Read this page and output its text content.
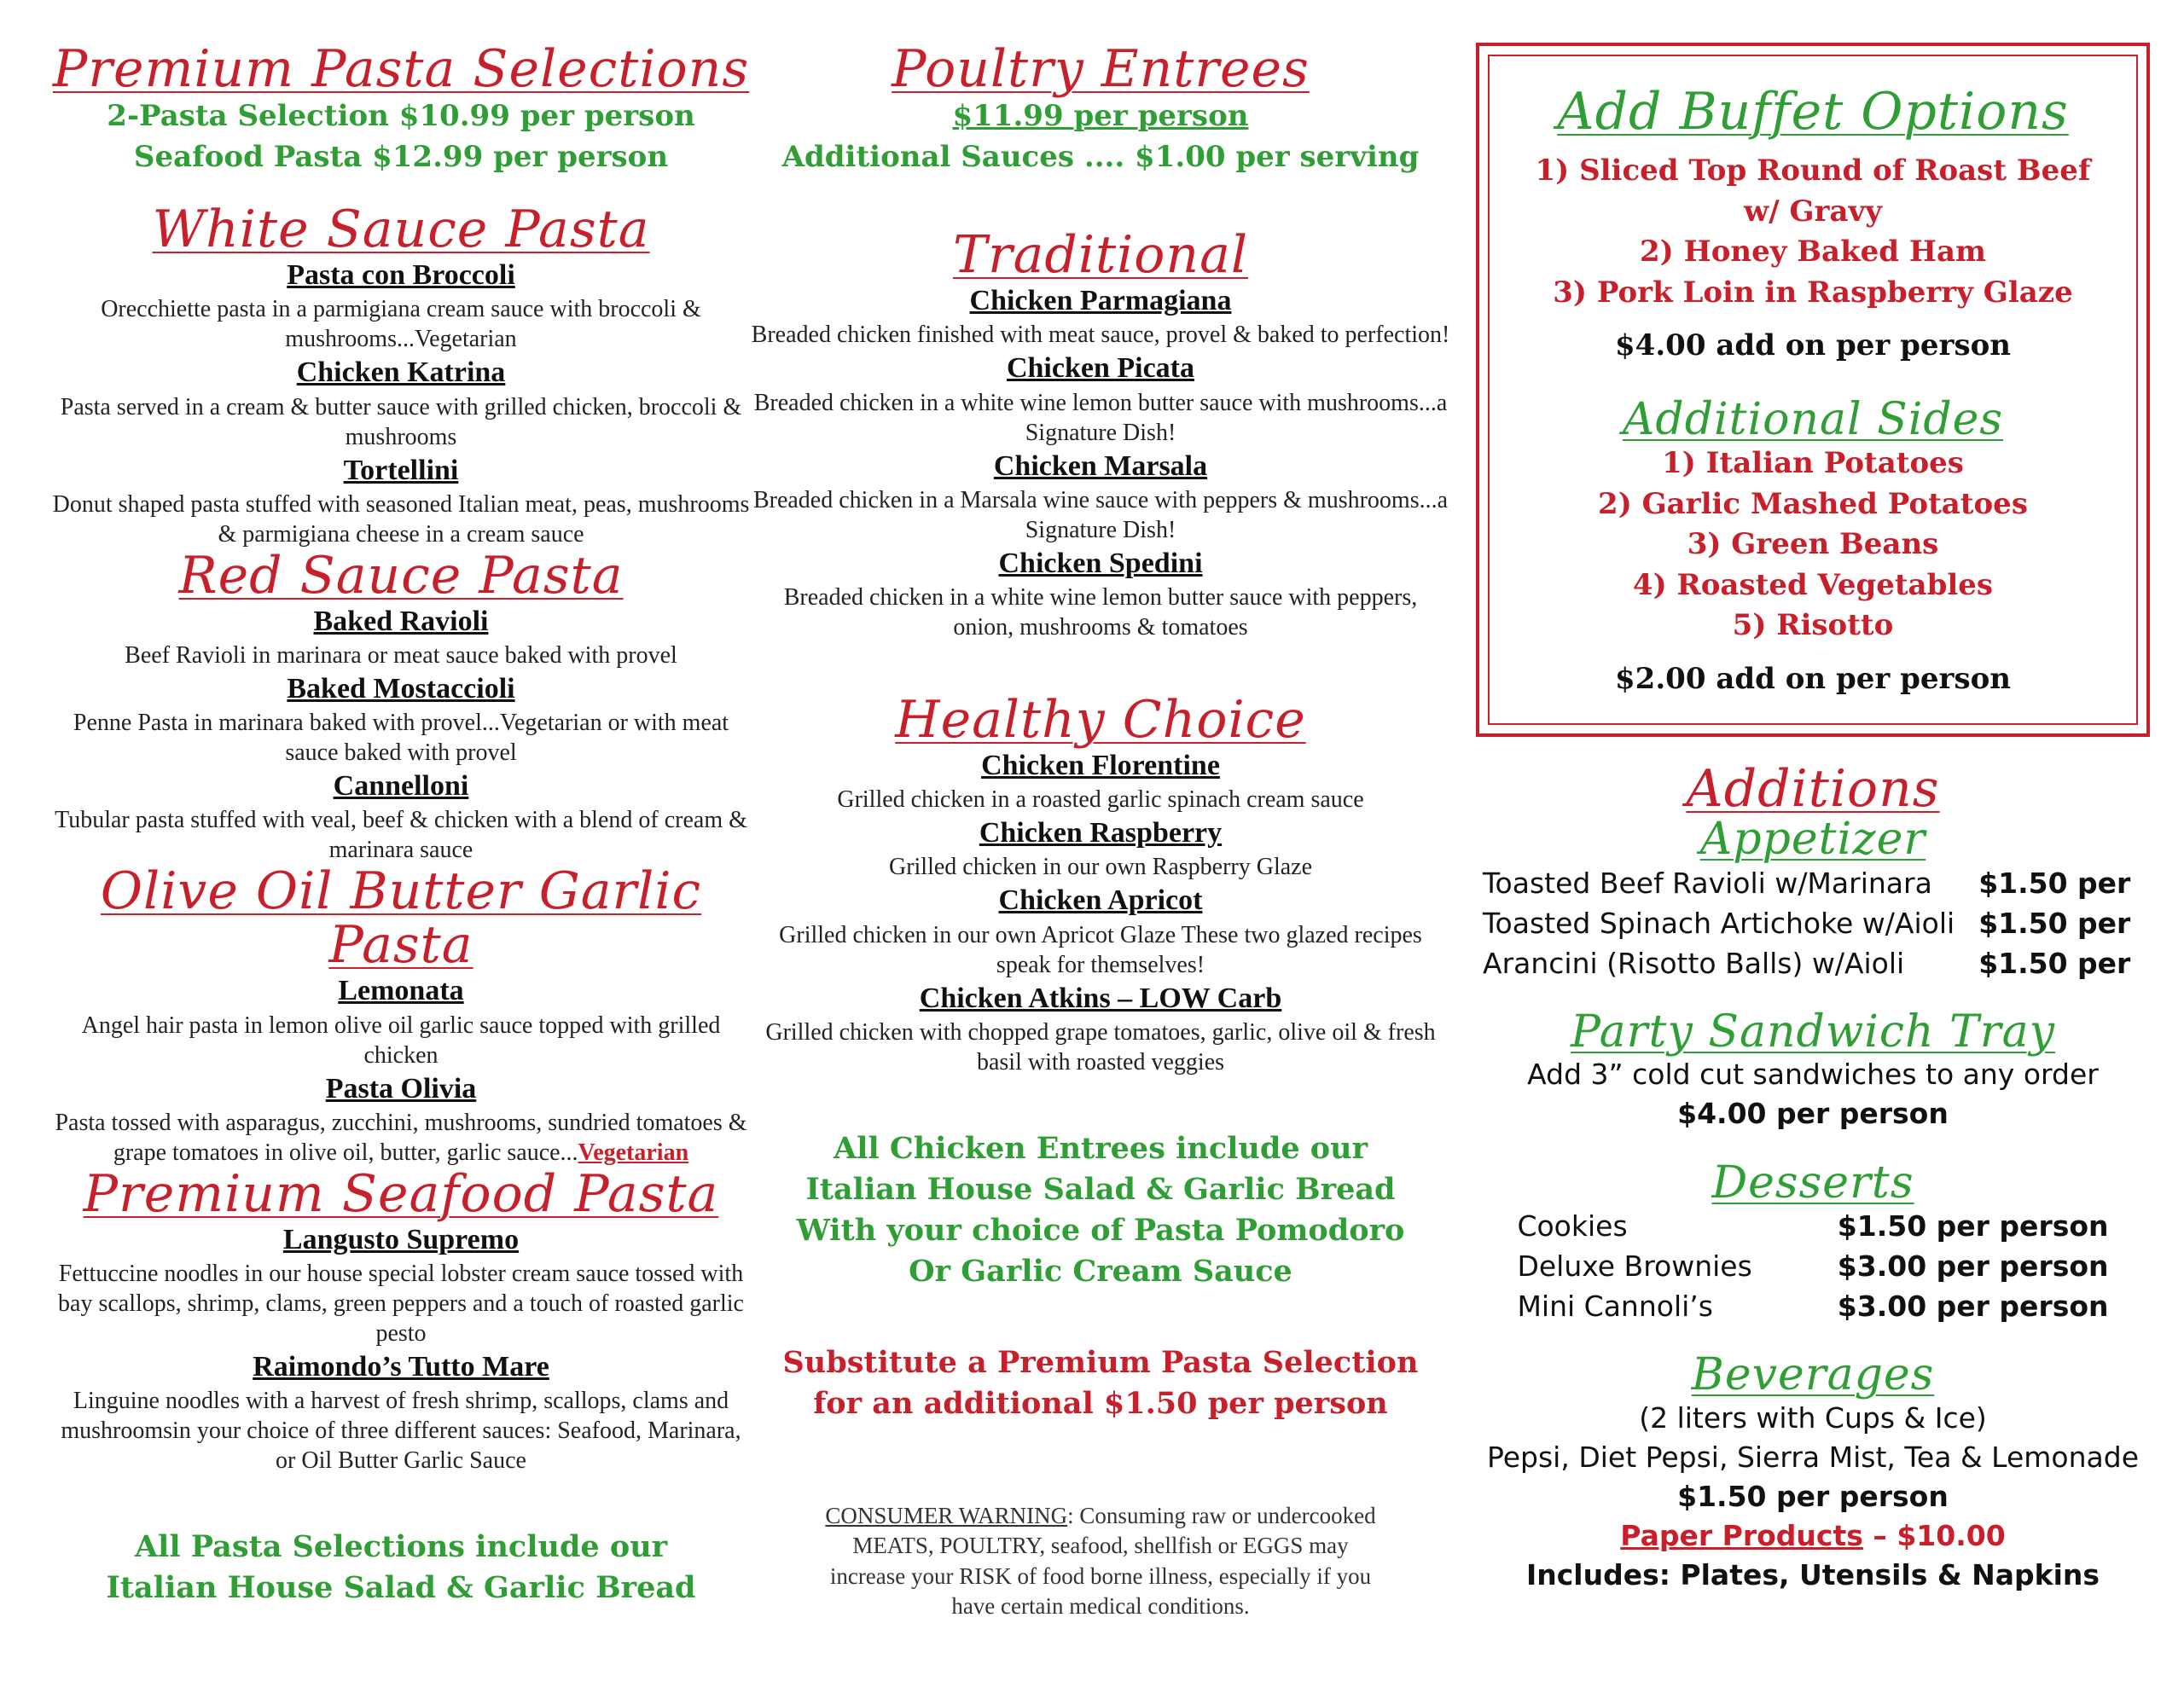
Premium Pasta Selections
2-Pasta Selection $10.99 per person
Seafood Pasta $12.99 per person
White Sauce Pasta
Pasta con Broccoli
Orecchiette pasta in a parmigiana cream sauce with broccoli & mushrooms...Vegetarian
Chicken Katrina
Pasta served in a cream & butter sauce with grilled chicken, broccoli & mushrooms
Tortellini
Donut shaped pasta stuffed with seasoned Italian meat, peas, mushrooms & parmigiana cheese in a cream sauce
Red Sauce Pasta
Baked Ravioli
Beef Ravioli in marinara or meat sauce baked with provel
Baked Mostaccioli
Penne Pasta in marinara baked with provel...Vegetarian or with meat sauce baked with provel
Cannelloni
Tubular pasta stuffed with veal, beef & chicken with a blend of cream & marinara sauce
Olive Oil Butter Garlic Pasta
Lemonata
Angel hair pasta in lemon olive oil garlic sauce topped with grilled chicken
Pasta Olivia
Pasta tossed with asparagus, zucchini, mushrooms, sundried tomatoes & grape tomatoes in olive oil, butter, garlic sauce...Vegetarian
Premium Seafood Pasta
Langusto Supremo
Fettuccine noodles in our house special lobster cream sauce tossed with bay scallops, shrimp, clams, green peppers and a touch of roasted garlic pesto
Raimondo’s Tutto Mare
Linguine noodles with a harvest of fresh shrimp, scallops, clams and mushroomsin your choice of three different sauces: Seafood, Marinara, or Oil Butter Garlic Sauce
All Pasta Selections include our
Italian House Salad & Garlic Bread
Poultry Entrees
$11.99 per person
Additional Sauces .... $1.00 per serving
Traditional
Chicken Parmagiana
Breaded chicken finished with meat sauce, provel & baked to perfection!
Chicken Picata
Breaded chicken in a white wine lemon butter sauce with mushrooms...a Signature Dish!
Chicken Marsala
Breaded chicken in a Marsala wine sauce with peppers & mushrooms...a Signature Dish!
Chicken Spedini
Breaded chicken in a white wine lemon butter sauce with peppers, onion, mushrooms & tomatoes
Healthy Choice
Chicken Florentine
Grilled chicken in a roasted garlic spinach cream sauce
Chicken Raspberry
Grilled chicken in our own Raspberry Glaze
Chicken Apricot
Grilled chicken in our own Apricot Glaze These two glazed recipes speak for themselves!
Chicken Atkins – LOW Carb
Grilled chicken with chopped grape tomatoes, garlic, olive oil & fresh basil with roasted veggies
All Chicken Entrees include our
Italian House Salad & Garlic Bread
With your choice of Pasta Pomodoro
Or Garlic Cream Sauce
Substitute a Premium Pasta Selection
for an additional $1.50 per person
CONSUMER WARNING: Consuming raw or undercooked MEATS, POULTRY, seafood, shellfish or EGGS may increase your RISK of food borne illness, especially if you have certain medical conditions.
Add Buffet Options
1) Sliced Top Round of Roast Beef
w/ Gravy
2) Honey Baked Ham
3) Pork Loin in Raspberry Glaze
$4.00 add on per person
Additional Sides
1) Italian Potatoes
2) Garlic Mashed Potatoes
3) Green Beans
4) Roasted Vegetables
5) Risotto
$2.00 add on per person
Additions
Appetizer
Toasted Beef Ravioli w/Marinara	$1.50 per
Toasted Spinach Artichoke w/Aioli	$1.50 per
Arancini (Risotto Balls) w/Aioli	$1.50 per
Party Sandwich Tray
Add 3” cold cut sandwiches to any order
$4.00 per person
Desserts
Cookies	$1.50 per person
Deluxe Brownies	$3.00 per person
Mini Cannoli’s	$3.00 per person
Beverages
(2 liters with Cups & Ice)
Pepsi, Diet Pepsi, Sierra Mist, Tea & Lemonade
$1.50 per person
Paper Products – $10.00
Includes: Plates, Utensils & Napkins
